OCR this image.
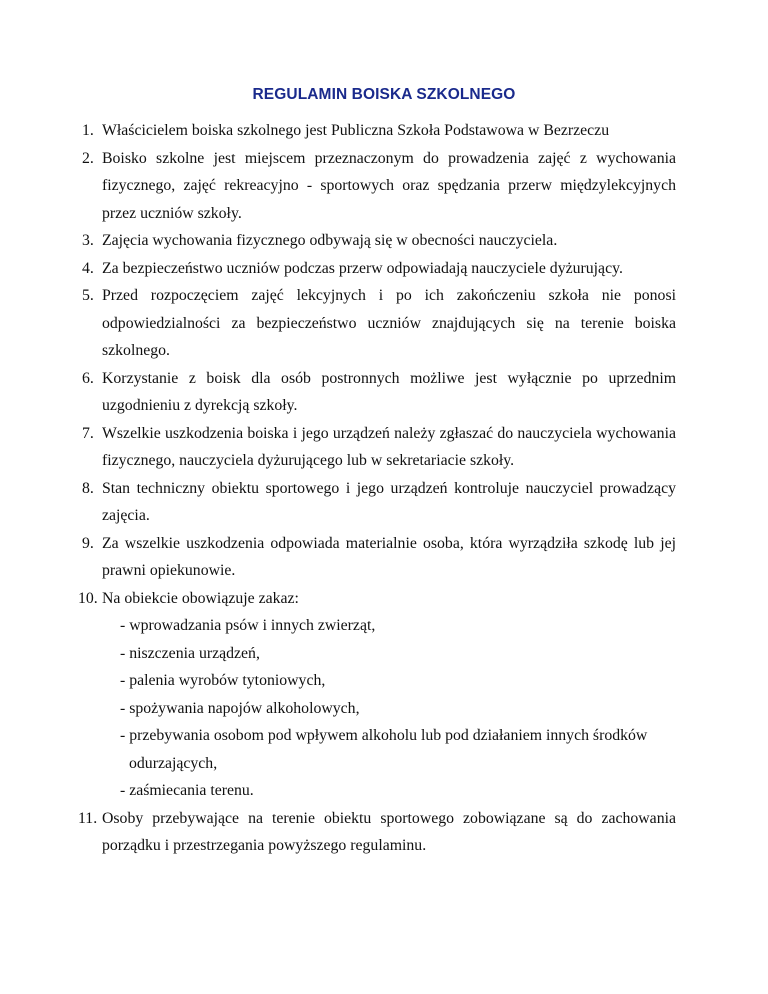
REGULAMIN BOISKA SZKOLNEGO
1. Właścicielem boiska szkolnego jest Publiczna Szkoła Podstawowa w Bezrzeczu
2. Boisko szkolne jest miejscem przeznaczonym do prowadzenia zajęć z wychowania fizycznego, zajęć rekreacyjno - sportowych oraz spędzania przerw międzylekcyjnych przez uczniów szkoły.
3. Zajęcia wychowania fizycznego odbywają się w obecności nauczyciela.
4. Za bezpieczeństwo uczniów podczas przerw odpowiadają nauczyciele dyżurujący.
5. Przed rozpoczęciem zajęć lekcyjnych i po ich zakończeniu szkoła nie ponosi odpowiedzialności za bezpieczeństwo uczniów znajdujących się na terenie boiska szkolnego.
6. Korzystanie z boisk dla osób postronnych możliwe jest wyłącznie po uprzednim uzgodnieniu z dyrekcją szkoły.
7. Wszelkie uszkodzenia boiska i jego urządzeń należy zgłaszać do nauczyciela wychowania fizycznego, nauczyciela dyżurującego lub w sekretariacie szkoły.
8. Stan techniczny obiektu sportowego i jego urządzeń kontroluje nauczyciel prowadzący zajęcia.
9. Za wszelkie uszkodzenia odpowiada materialnie osoba, która wyrządziła szkodę lub jej prawni opiekunowie.
10. Na obiekcie obowiązuje zakaz:
- wprowadzania psów i innych zwierząt,
- niszczenia urządzeń,
- palenia wyrobów tytoniowych,
- spożywania napojów alkoholowych,
- przebywania osobom pod wpływem alkoholu lub pod działaniem innych środków odurzających,
- zaśmiecania terenu.
11. Osoby przebywające na terenie obiektu sportowego zobowiązane są do zachowania porządku i przestrzegania powyższego regulaminu.
